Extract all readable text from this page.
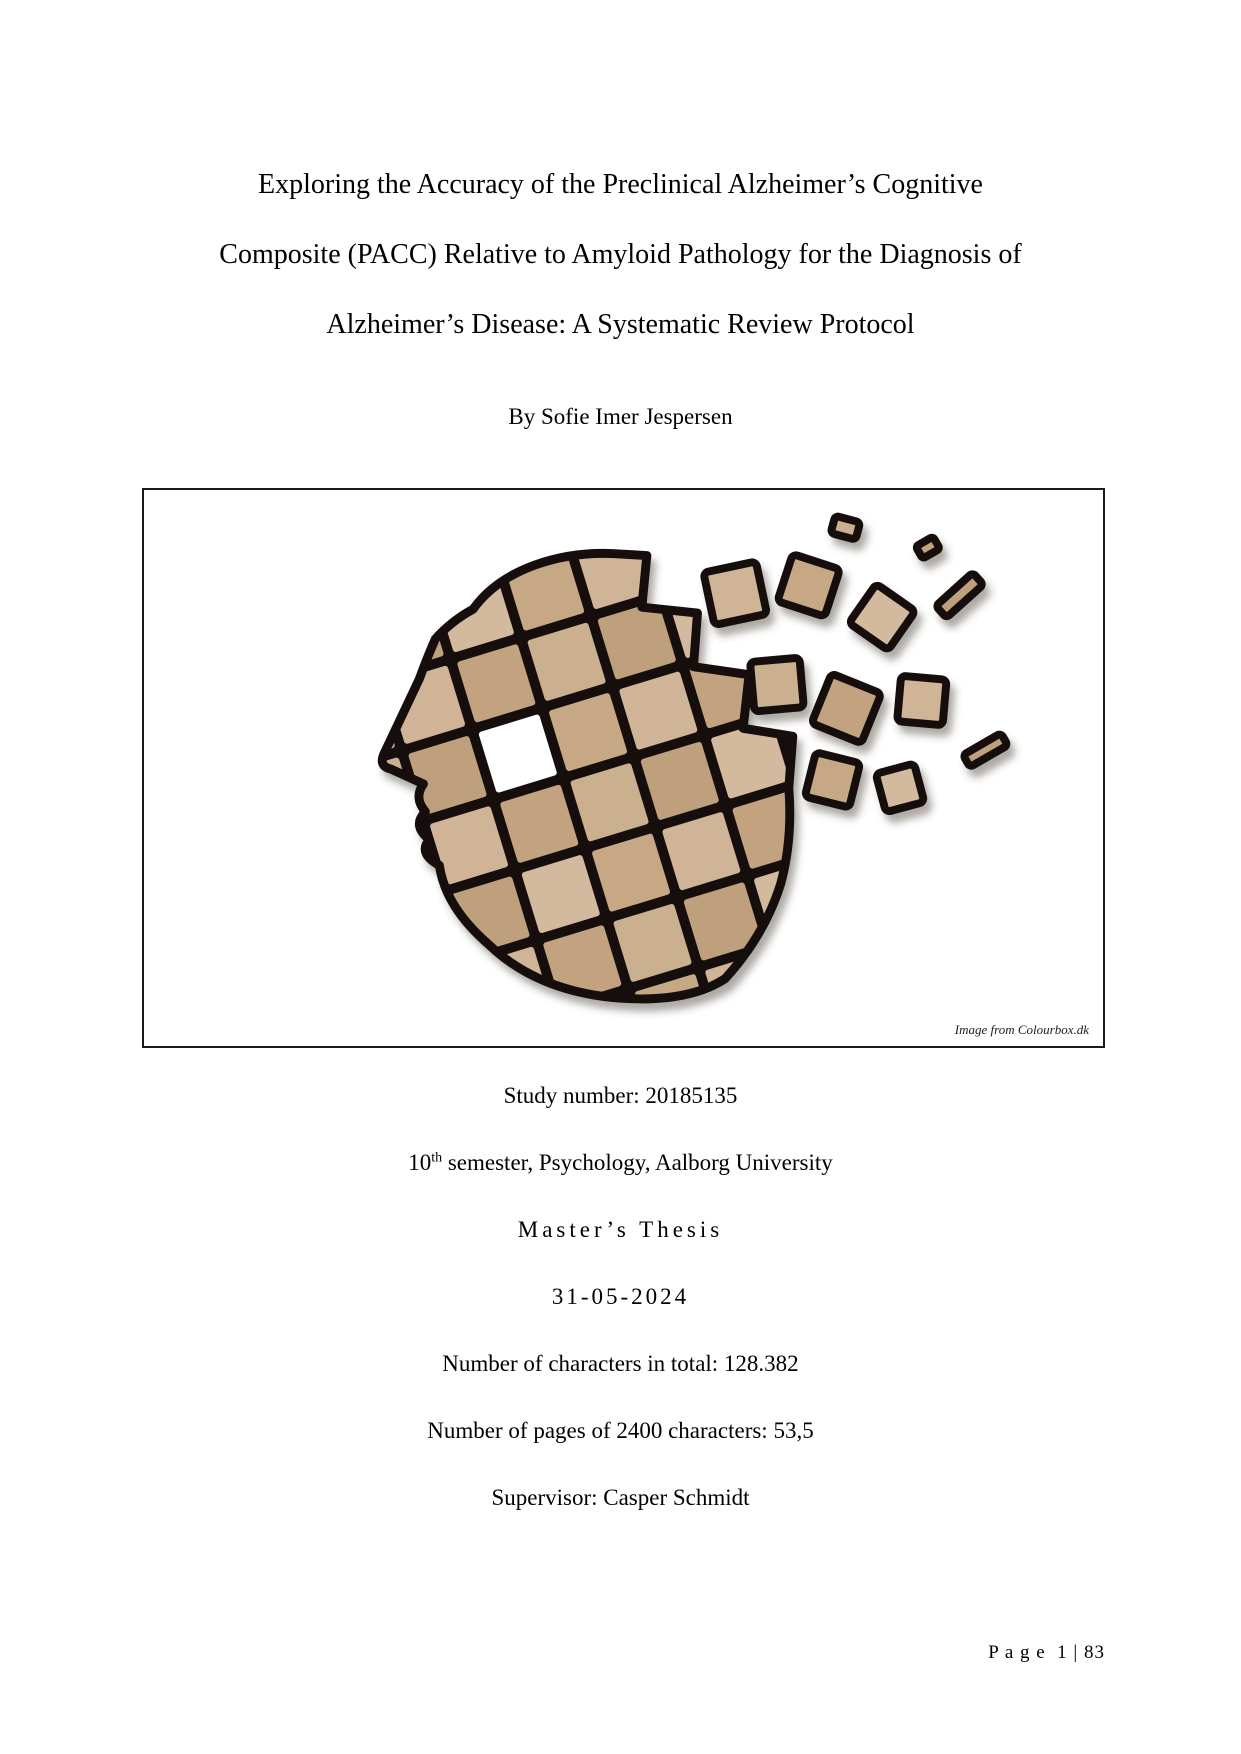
Exploring the Accuracy of the Preclinical Alzheimer’s Cognitive
Composite (PACC) Relative to Amyloid Pathology for the Diagnosis of
Alzheimer’s Disease: A Systematic Review Protocol
By Sofie Imer Jespersen
Image from Colourbox.dk
Study number: 20185135
10th semester, Psychology, Aalborg University
Master’s Thesis
31-05-2024
Number of characters in total: 128.382
Number of pages of 2400 characters: 53,5
Supervisor: Casper Schmidt
P a g e  1 | 83
